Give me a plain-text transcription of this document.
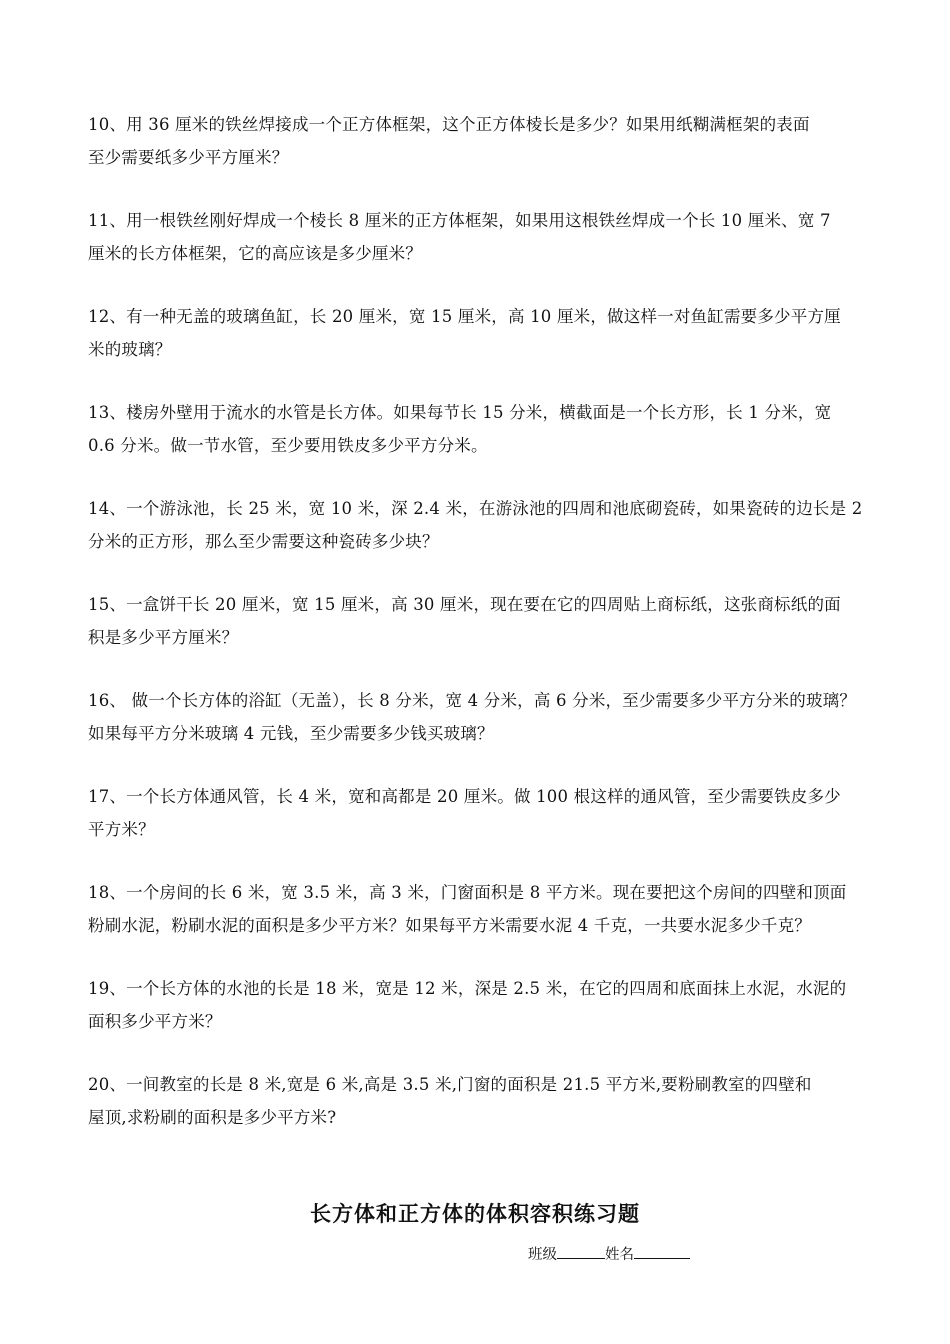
10、用 36 厘米的铁丝焊接成一个正方体框架，这个正方体棱长是多少？如果用纸糊满框架的表面
至少需要纸多少平方厘米？
11、用一根铁丝刚好焊成一个棱长 8 厘米的正方体框架，如果用这根铁丝焊成一个长 10 厘米、宽 7
厘米的长方体框架，它的高应该是多少厘米？
12、有一种无盖的玻璃鱼缸，长 20 厘米，宽 15 厘米，高 10 厘米，做这样一对鱼缸需要多少平方厘
米的玻璃？
13、楼房外壁用于流水的水管是长方体。如果每节长 15 分米，横截面是一个长方形，长 1 分米，宽
0.6 分米。做一节水管，至少要用铁皮多少平方分米。
14、一个游泳池，长 25 米，宽 10 米，深 2.4 米，在游泳池的四周和池底砌瓷砖，如果瓷砖的边长是 2
分米的正方形，那么至少需要这种瓷砖多少块？
15、一盒饼干长 20 厘米，宽 15 厘米，高 30 厘米，现在要在它的四周贴上商标纸，这张商标纸的面
积是多少平方厘米？
16、 做一个长方体的浴缸（无盖），长 8 分米，宽 4 分米，高 6 分米，至少需要多少平方分米的玻璃？
如果每平方分米玻璃 4 元钱，至少需要多少钱买玻璃？
17、一个长方体通风管，长 4 米，宽和高都是 20 厘米。做 100 根这样的通风管，至少需要铁皮多少
平方米？
18、一个房间的长 6 米，宽 3.5 米，高 3 米，门窗面积是 8 平方米。现在要把这个房间的四壁和顶面
粉刷水泥，粉刷水泥的面积是多少平方米？如果每平方米需要水泥 4 千克，一共要水泥多少千克？
19、一个长方体的水池的长是 18 米，宽是 12 米，深是 2.5 米，在它的四周和底面抹上水泥，水泥的
面积多少平方米？
20、一间教室的长是 8 米,宽是 6 米,高是 3.5 米,门窗的面积是 21.5 平方米,要粉刷教室的四壁和
屋顶,求粉刷的面积是多少平方米?
长方体和正方体的体积容积练习题
班级	姓名
